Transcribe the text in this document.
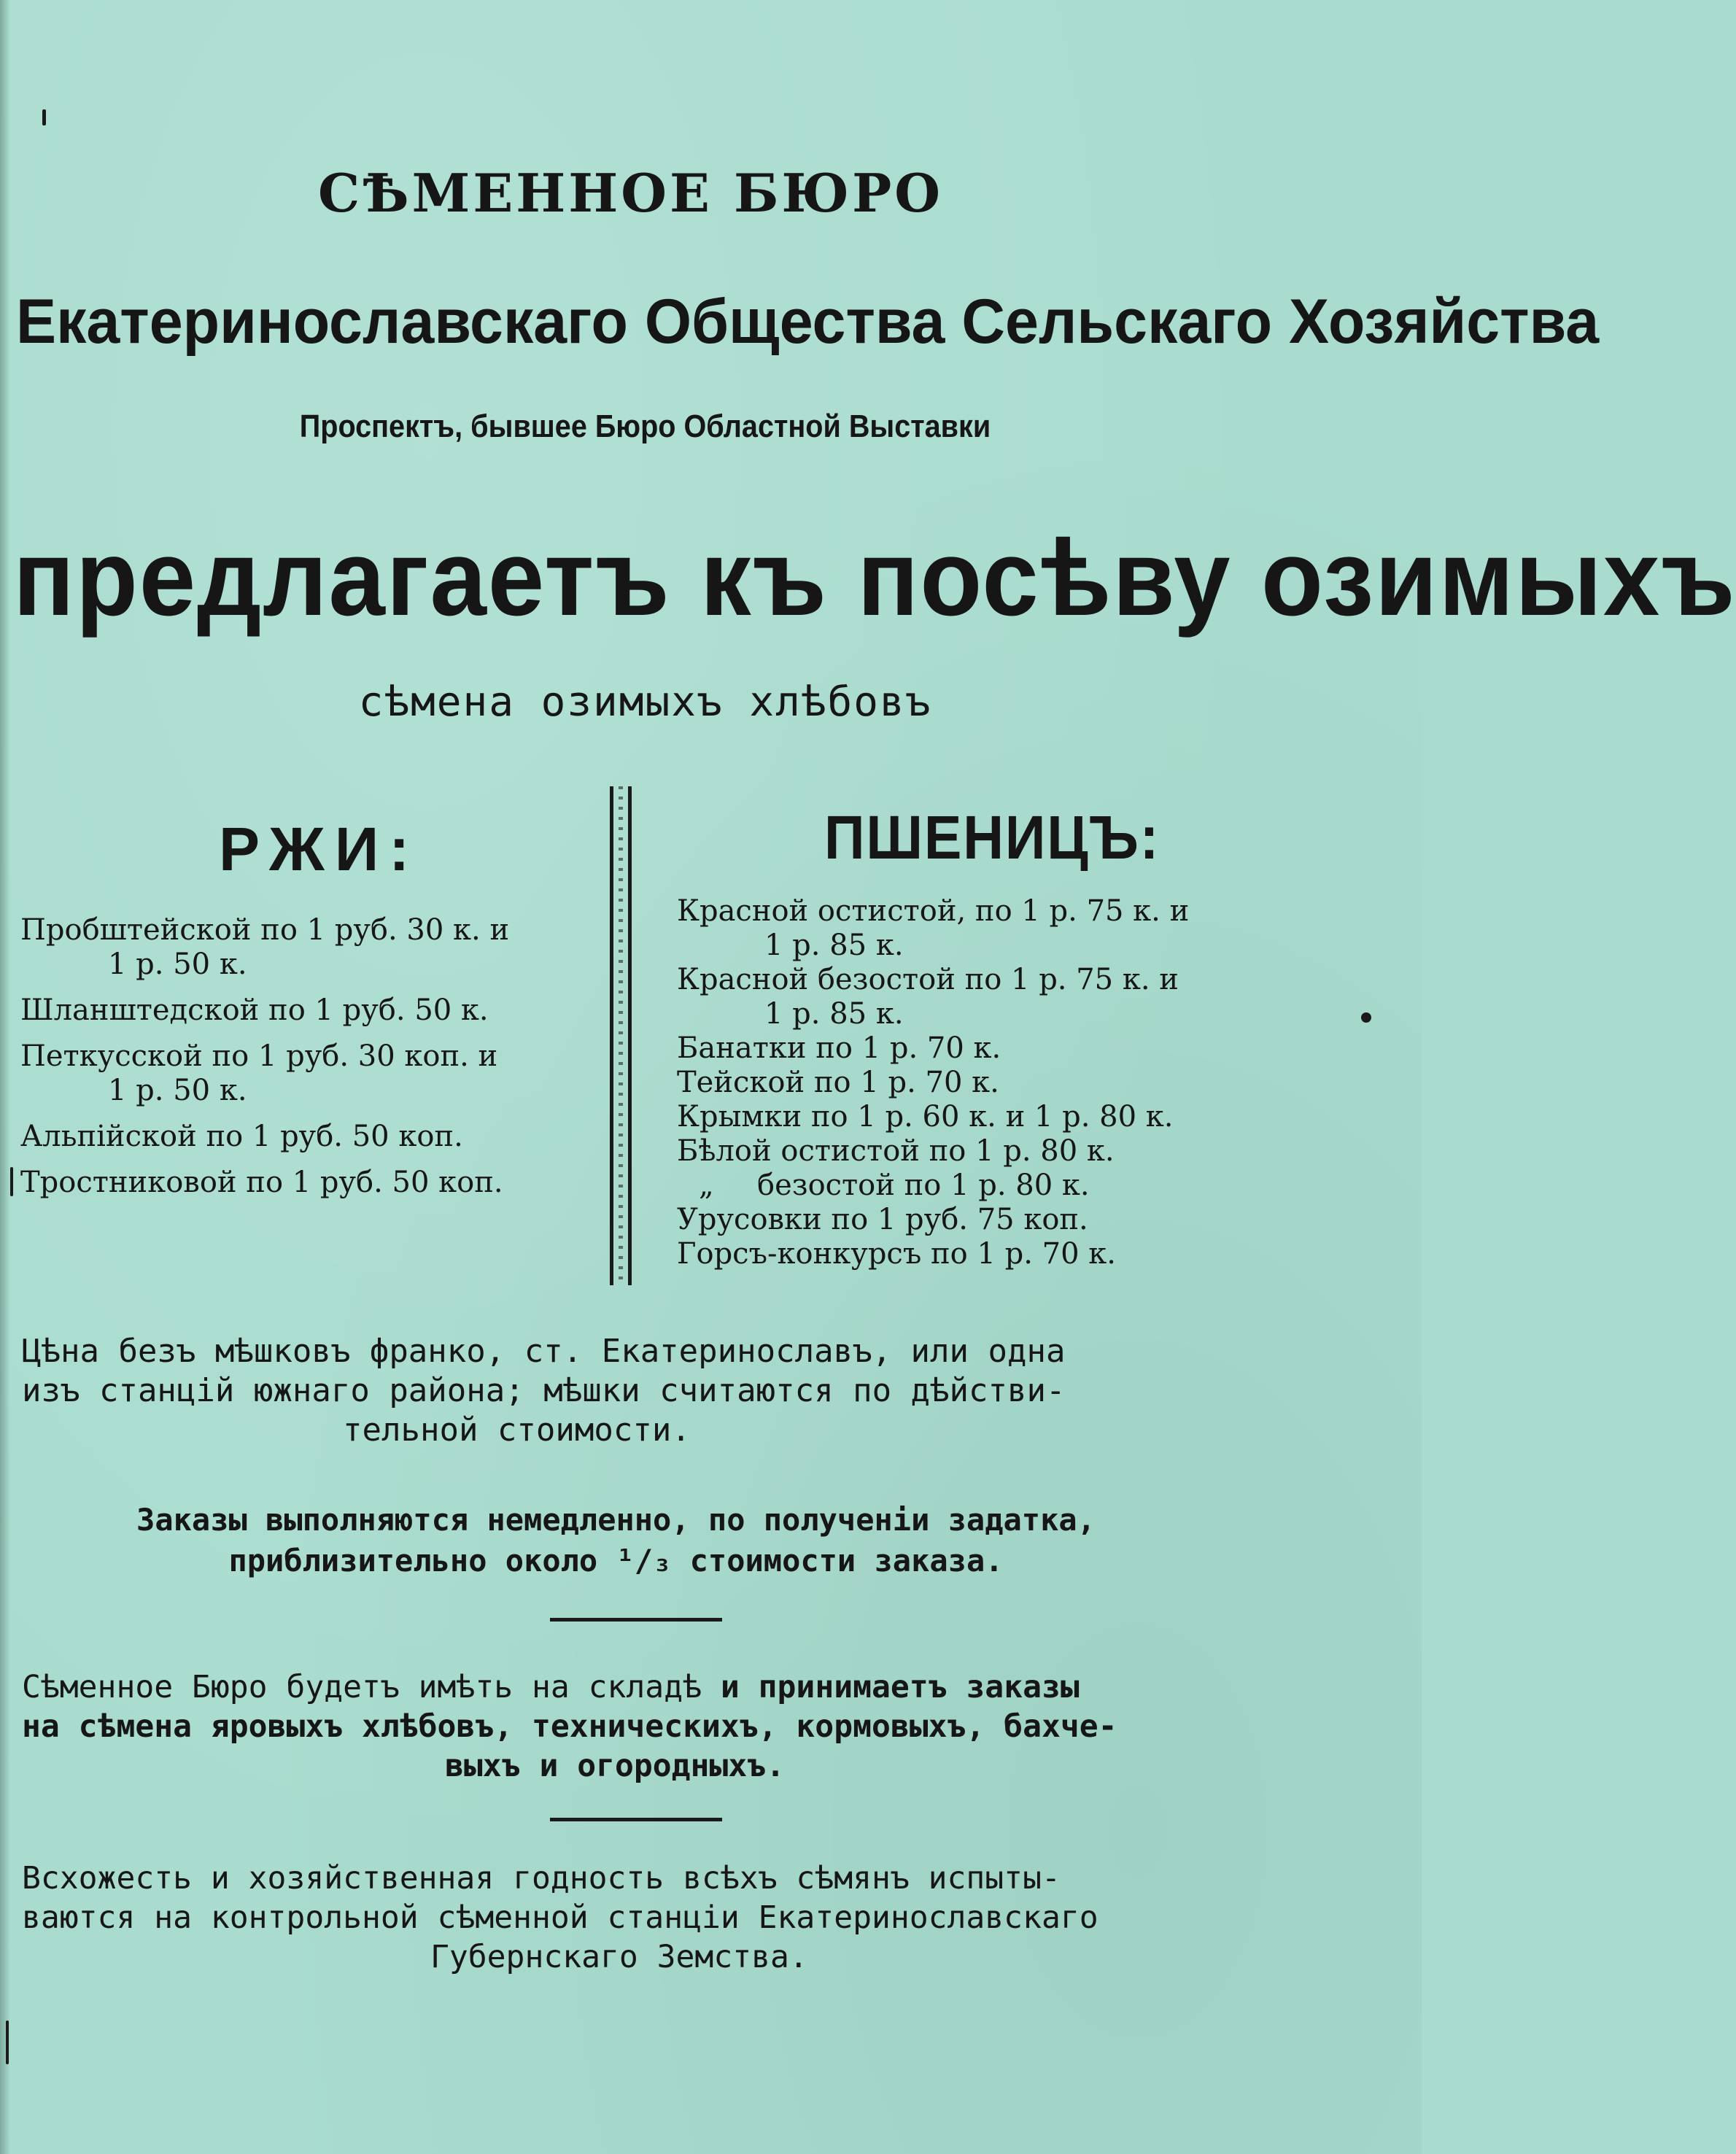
СѢМЕННОЕ БЮРО
Екатеринославскаго Общества Сельскаго Хозяйства
Проспектъ, бывшее Бюро Областной Выставки
предлагаетъ къ посѣву озимыхъ
сѣмена озимыхъ хлѣбовъ
РЖИ:
Пробштейской по 1 руб. 30 к. и
1 р. 50 к.
Шланштедской по 1 руб. 50 к.
Петкусской по 1 руб. 30 коп. и
1 р. 50 к.
Альпійской по 1 руб. 50 коп.
Тростниковой по 1 руб. 50 коп.
ПШЕНИЦЪ:
Красной остистой, по 1 р. 75 к. и
1 р. 85 к.
Красной безостой по 1 р. 75 к. и
1 р. 85 к.
Банатки по 1 р. 70 к.
Тейской по 1 р. 70 к.
Крымки по 1 р. 60 к. и 1 р. 80 к.
Бѣлой остистой по 1 р. 80 к.
„ безостой по 1 р. 80 к.
Урусовки по 1 руб. 75 коп.
Горсъ-конкурсъ по 1 р. 70 к.
Цѣна безъ мѣшковъ франко, ст. Екатеринославъ, или одна
изъ станцій южнаго района; мѣшки считаются по дѣйстви-
тельной стоимости.
Заказы выполняются немедленно, по полученіи задатка,
приблизительно около ¹/₃ стоимости заказа.
Сѣменное Бюро будетъ имѣть на складѣ и принимаетъ заказы
на сѣмена яровыхъ хлѣбовъ, техническихъ, кормовыхъ, бахче-
выхъ и огородныхъ.
Всхожесть и хозяйственная годность всѣхъ сѣмянъ испыты-
ваются на контрольной сѣменной станціи Екатеринославскаго
Губернскаго Земства.
